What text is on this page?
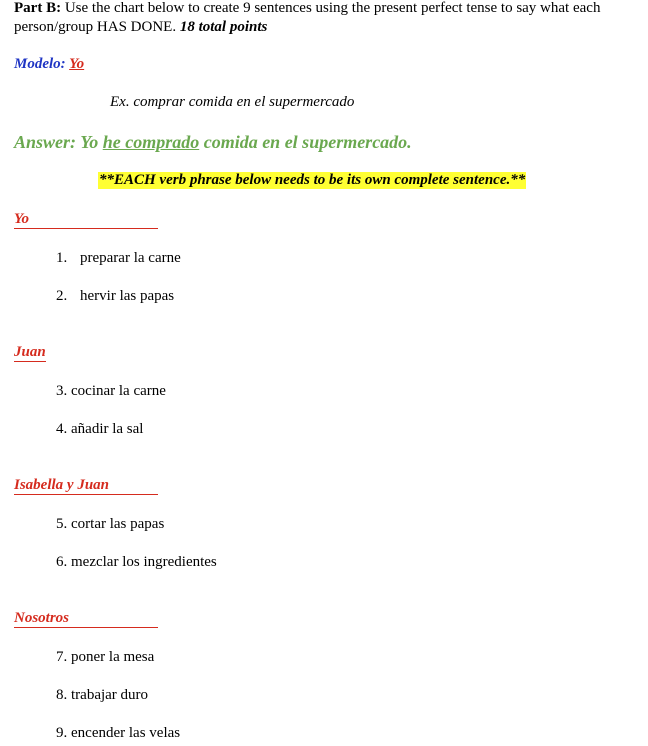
Part B: Use the chart below to create 9 sentences using the present perfect tense to say what each person/group HAS DONE. 18 total points
Modelo: Yo
Ex. comprar comida en el supermercado
Answer: Yo he comprado comida en el supermercado.
**EACH verb phrase below needs to be its own complete sentence.**
Yo
1. preparar la carne
2. hervir las papas
Juan
3. cocinar la carne
4. añadir la sal
Isabella y Juan
5. cortar las papas
6. mezclar los ingredientes
Nosotros
7. poner la mesa
8. trabajar duro
9. encender las velas
